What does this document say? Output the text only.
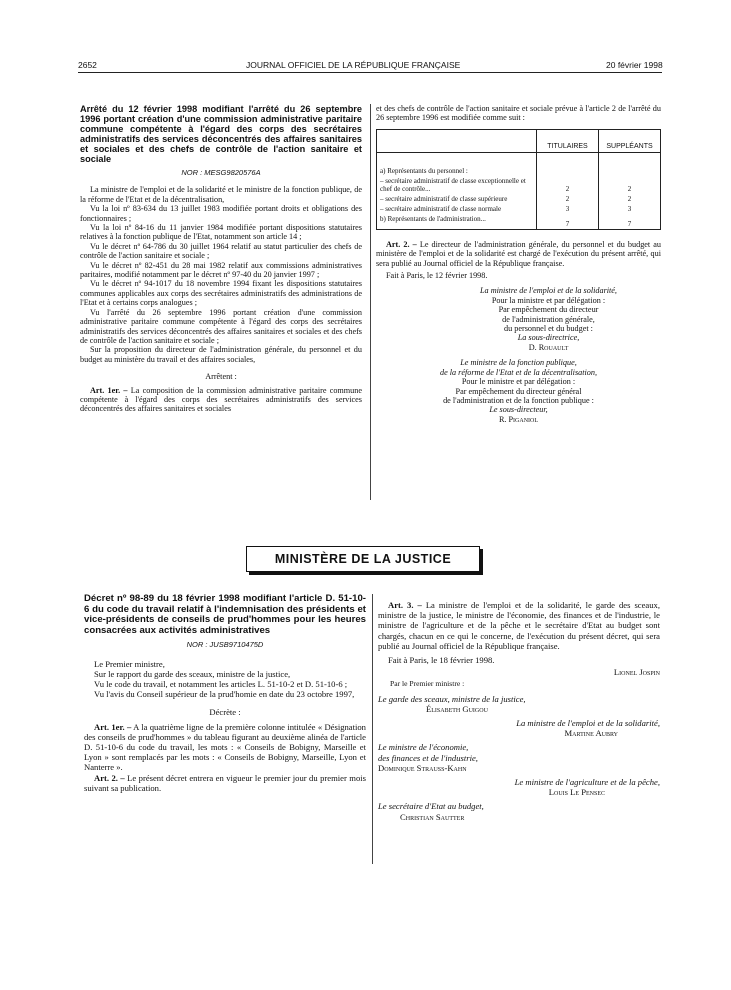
2652	JOURNAL OFFICIEL DE LA RÉPUBLIQUE FRANÇAISE	20 février 1998

Arrêté du 12 février 1998 modifiant l'arrêté du 26 septembre 1996 portant création d'une commission administrative paritaire commune compétente à l'égard des corps des secrétaires administratifs des services déconcentrés des affaires sanitaires et sociales et des chefs de contrôle de l'action sanitaire et sociale

NOR : MESG9820576A

La ministre de l'emploi et de la solidarité et le ministre de la fonction publique, de la réforme de l'Etat et de la décentralisation,

Vu la loi nº 83-634 du 13 juillet 1983 modifiée portant droits et obligations des fonctionnaires ;

Vu la loi nº 84-16 du 11 janvier 1984 modifiée portant dispositions statutaires relatives à la fonction publique de l'Etat, notamment son article 14 ;

Vu le décret nº 64-786 du 30 juillet 1964 relatif au statut particulier des chefs de contrôle de l'action sanitaire et sociale ;

Vu le décret nº 82-451 du 28 mai 1982 relatif aux commissions administratives paritaires, modifié notamment par le décret nº 97-40 du 20 janvier 1997 ;

Vu le décret nº 94-1017 du 18 novembre 1994 fixant les dispositions statutaires communes applicables aux corps des secrétaires administratifs des administrations de l'Etat et à certains corps analogues ;

Vu l'arrêté du 26 septembre 1996 portant création d'une commission administrative paritaire commune compétente à l'égard des corps des secrétaires administratifs des services déconcentrés des affaires sanitaires et sociales et des chefs de contrôle de l'action sanitaire et sociale ;

Sur la proposition du directeur de l'administration générale, du personnel et du budget au ministère du travail et des affaires sociales,

Arrêtent :

Art. 1er. – La composition de la commission administrative paritaire commune compétente à l'égard des corps des secrétaires administratifs des services déconcentrés des affaires sanitaires et sociales

et des chefs de contrôle de l'action sanitaire et sociale prévue à l'article 2 de l'arrêté du 26 septembre 1996 est modifiée comme suit :

	TITULAIRES	SUPPLÉANTS
a) Représentants du personnel :		
– secrétaire administratif de classe exceptionnelle et chef de contrôle...	2	2
– secrétaire administratif de classe supérieure	2	2
– secrétaire administratif de classe normale	3	3
b) Représentants de l'administration...	7	7

Art. 2. – Le directeur de l'administration générale, du personnel et du budget au ministère de l'emploi et de la solidarité est chargé de l'exécution du présent arrêté, qui sera publié au Journal officiel de la République française.

Fait à Paris, le 12 février 1998.

La ministre de l'emploi et de la solidarité,

Pour la ministre et par délégation :

Par empêchement du directeur

de l'administration générale,

du personnel et du budget :

La sous-directrice,

D. Rouault

Le ministre de la fonction publique,

de la réforme de l'Etat et de la décentralisation,

Pour le ministre et par délégation :

Par empêchement du directeur général

de l'administration et de la fonction publique :

Le sous-directeur,

R. Piganiol

MINISTÈRE DE LA JUSTICE

Décret nº 98-89 du 18 février 1998 modifiant l'article D. 51-10-6 du code du travail relatif à l'indemnisation des présidents et vice-présidents de conseils de prud'hommes pour les heures consacrées aux activités administratives

NOR : JUSB9710475D

Le Premier ministre,

Sur le rapport du garde des sceaux, ministre de la justice,

Vu le code du travail, et notamment les articles L. 51-10-2 et D. 51-10-6 ;

Vu l'avis du Conseil supérieur de la prud'homie en date du 23 octobre 1997,

Décrète :

Art. 1er. – A la quatrième ligne de la première colonne intitulée « Désignation des conseils de prud'hommes » du tableau figurant au deuxième alinéa de l'article D. 51-10-6 du code du travail, les mots : « Conseils de Bobigny, Marseille et Lyon » sont remplacés par les mots : « Conseils de Bobigny, Marseille, Lyon et Nanterre ».

Art. 2. – Le présent décret entrera en vigueur le premier jour du premier mois suivant sa publication.

Art. 3. – La ministre de l'emploi et de la solidarité, le garde des sceaux, ministre de la justice, le ministre de l'économie, des finances et de l'industrie, le ministre de l'agriculture et de la pêche et le secrétaire d'Etat au budget sont chargés, chacun en ce qui le concerne, de l'exécution du présent décret, qui sera publié au Journal officiel de la République française.

Fait à Paris, le 18 février 1998.

Lionel Jospin

Par le Premier ministre :

Le garde des sceaux, ministre de la justice,

Élisabeth Guigou

La ministre de l'emploi et de la solidarité,

Martine Aubry

Le ministre de l'économie,

des finances et de l'industrie,

Dominique Strauss-Kahn

Le ministre de l'agriculture et de la pêche,

Louis Le Pensec

Le secrétaire d'Etat au budget,

Christian Sautter
